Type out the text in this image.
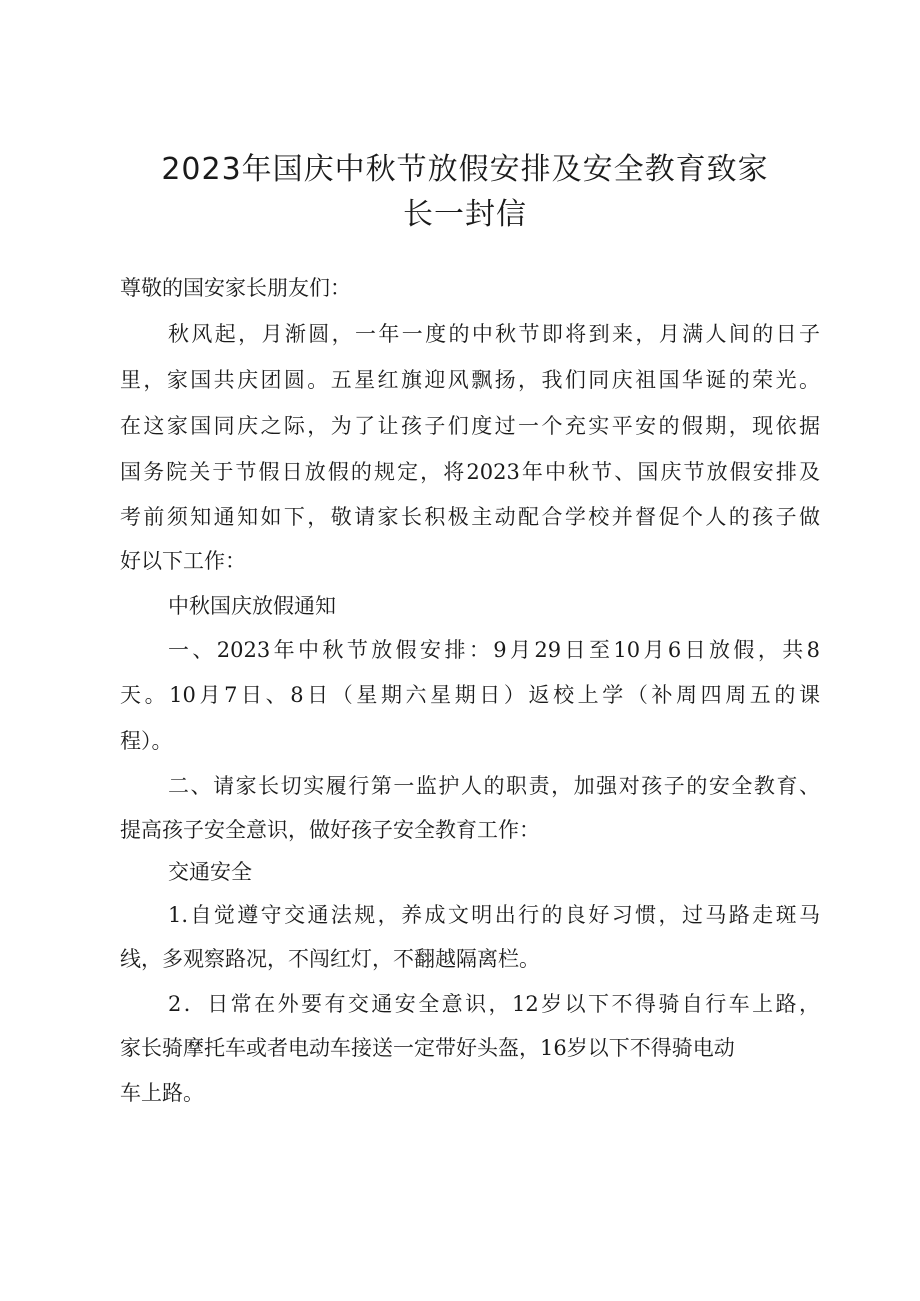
2023年国庆中秋节放假安排及安全教育致家
长一封信
尊敬的国安家长朋友们：
秋风起，月渐圆，一年一度的中秋节即将到来，月满人间的日子
里，家国共庆团圆。五星红旗迎风飘扬，我们同庆祖国华诞的荣光。
在这家国同庆之际，为了让孩子们度过一个充实平安的假期，现依据
国务院关于节假日放假的规定，将2023年中秋节、国庆节放假安排及
考前须知通知如下，敬请家长积极主动配合学校并督促个人的孩子做
好以下工作：
中秋国庆放假通知
一、2023年中秋节放假安排：9月29日至10月6日放假，共8
天。10月7日、8日（星期六星期日）返校上学（补周四周五的课
程）。
二、请家长切实履行第一监护人的职责，加强对孩子的安全教育、
提高孩子安全意识，做好孩子安全教育工作：
交通安全
1.自觉遵守交通法规，养成文明出行的良好习惯，过马路走斑马
线，多观察路况，不闯红灯，不翻越隔离栏。
2．日常在外要有交通安全意识，12岁以下不得骑自行车上路，
家长骑摩托车或者电动车接送一定带好头盔，16岁以下不得骑电动
车上路。
